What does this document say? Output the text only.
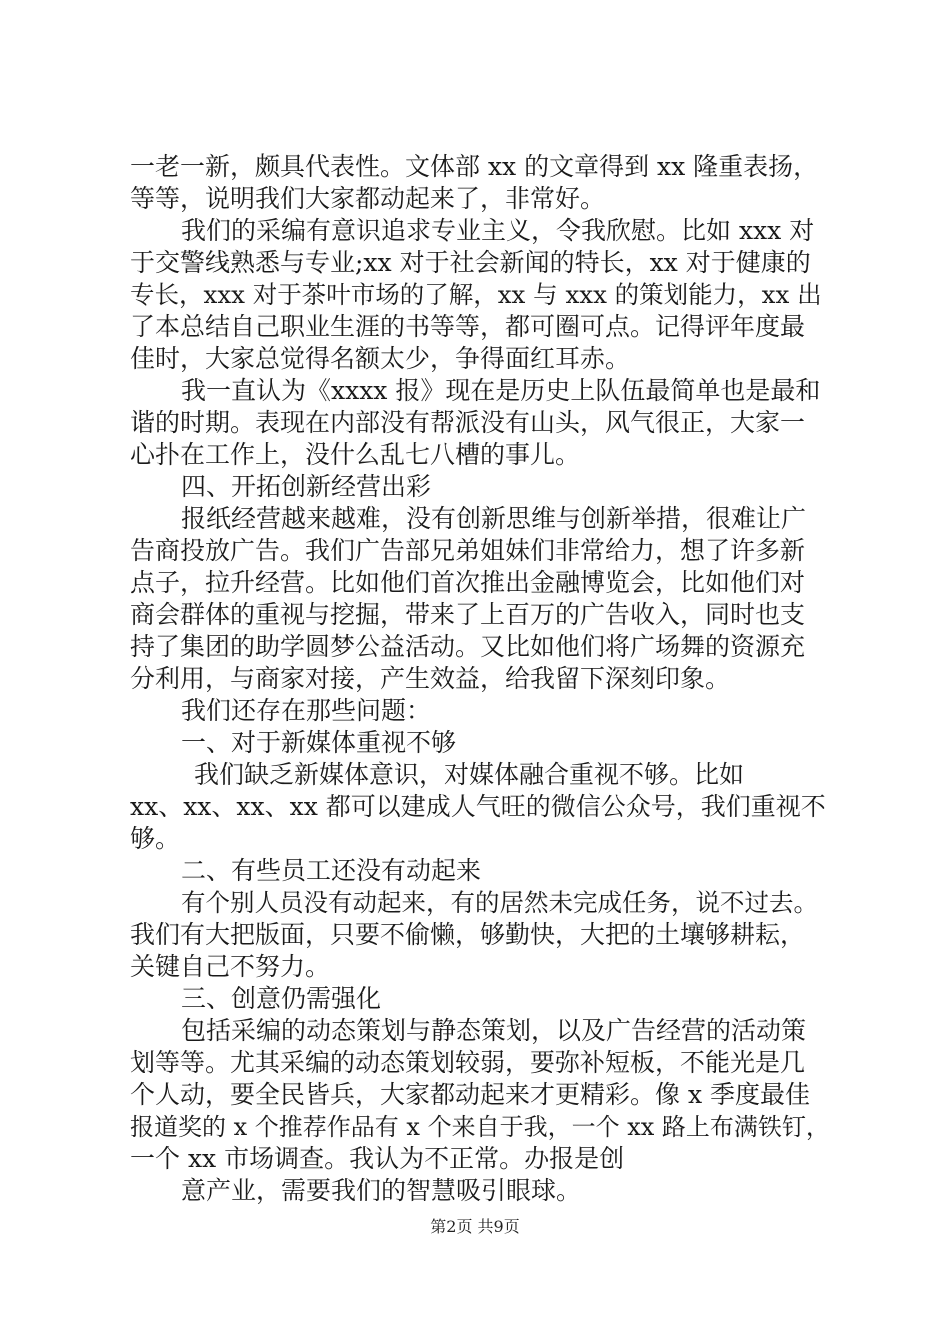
一老一新，颇具代表性。文体部 xx 的文章得到 xx 隆重表扬，
等等，说明我们大家都动起来了，非常好。
我们的采编有意识追求专业主义，令我欣慰。比如 xxx 对
于交警线熟悉与专业;xx 对于社会新闻的特长，xx 对于健康的
专长，xxx 对于茶叶市场的了解，xx 与 xxx 的策划能力，xx 出
了本总结自己职业生涯的书等等，都可圈可点。记得评年度最
佳时，大家总觉得名额太少，争得面红耳赤。
我一直认为《xxxx 报》现在是历史上队伍最简单也是最和
谐的时期。表现在内部没有帮派没有山头，风气很正，大家一
心扑在工作上，没什么乱七八槽的事儿。
四、开拓创新经营出彩
报纸经营越来越难，没有创新思维与创新举措，很难让广
告商投放广告。我们广告部兄弟姐妹们非常给力，想了许多新
点子，拉升经营。比如他们首次推出金融博览会，比如他们对
商会群体的重视与挖掘，带来了上百万的广告收入，同时也支
持了集团的助学圆梦公益活动。又比如他们将广场舞的资源充
分利用，与商家对接，产生效益，给我留下深刻印象。
我们还存在那些问题：
一、对于新媒体重视不够
我们缺乏新媒体意识，对媒体融合重视不够。比如
xx、xx、xx、xx 都可以建成人气旺的微信公众号，我们重视不
够。
二、有些员工还没有动起来
有个别人员没有动起来，有的居然未完成任务，说不过去。
我们有大把版面，只要不偷懒，够勤快，大把的土壤够耕耘，
关键自己不努力。
三、创意仍需强化
包括采编的动态策划与静态策划，以及广告经营的活动策
划等等。尤其采编的动态策划较弱，要弥补短板，不能光是几
个人动，要全民皆兵，大家都动起来才更精彩。像 x 季度最佳
报道奖的 x 个推荐作品有 x 个来自于我，一个 xx 路上布满铁钉，
一个 xx 市场调查。我认为不正常。办报是创
意产业，需要我们的智慧吸引眼球。
第2页 共9页
